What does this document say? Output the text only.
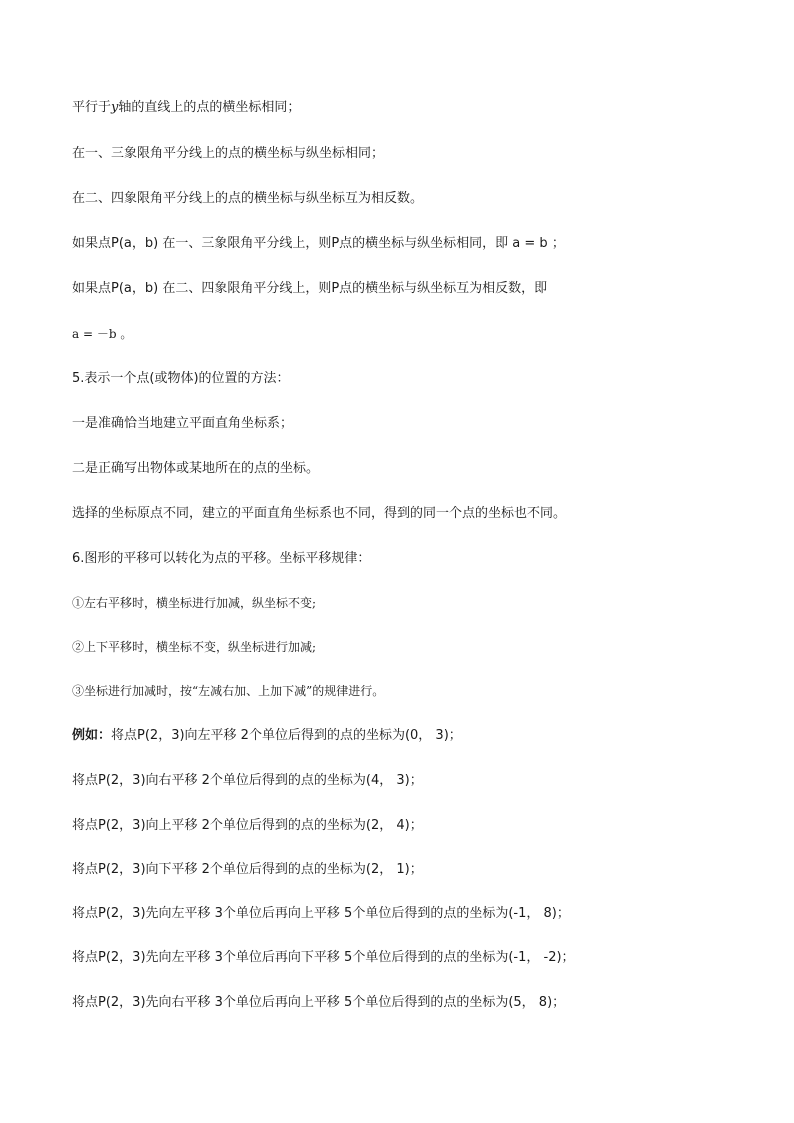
平行于y轴的直线上的点的横坐标相同；
在一、三象限角平分线上的点的横坐标与纵坐标相同；
在二、四象限角平分线上的点的横坐标与纵坐标互为相反数。
如果点P(a，b) 在一、三象限角平分线上，则P点的横坐标与纵坐标相同，即 a = b ；
如果点P(a，b) 在二、四象限角平分线上，则P点的横坐标与纵坐标互为相反数，即
a = －b 。
5.表示一个点(或物体)的位置的方法：
一是准确恰当地建立平面直角坐标系；
二是正确写出物体或某地所在的点的坐标。
选择的坐标原点不同，建立的平面直角坐标系也不同，得到的同一个点的坐标也不同。
6.图形的平移可以转化为点的平移。坐标平移规律：
①左右平移时，横坐标进行加减，纵坐标不变;
②上下平移时，横坐标不变，纵坐标进行加减;
③坐标进行加减时，按“左减右加、上加下减”的规律进行。
例如：将点P(2，3)向左平移 2个单位后得到的点的坐标为(0， 3)；
将点P(2，3)向右平移 2个单位后得到的点的坐标为(4， 3)；
将点P(2，3)向上平移 2个单位后得到的点的坐标为(2， 4)；
将点P(2，3)向下平移 2个单位后得到的点的坐标为(2， 1)；
将点P(2，3)先向左平移 3个单位后再向上平移 5个单位后得到的点的坐标为(-1， 8)；
将点P(2，3)先向左平移 3个单位后再向下平移 5个单位后得到的点的坐标为(-1， -2)；
将点P(2，3)先向右平移 3个单位后再向上平移 5个单位后得到的点的坐标为(5， 8)；
